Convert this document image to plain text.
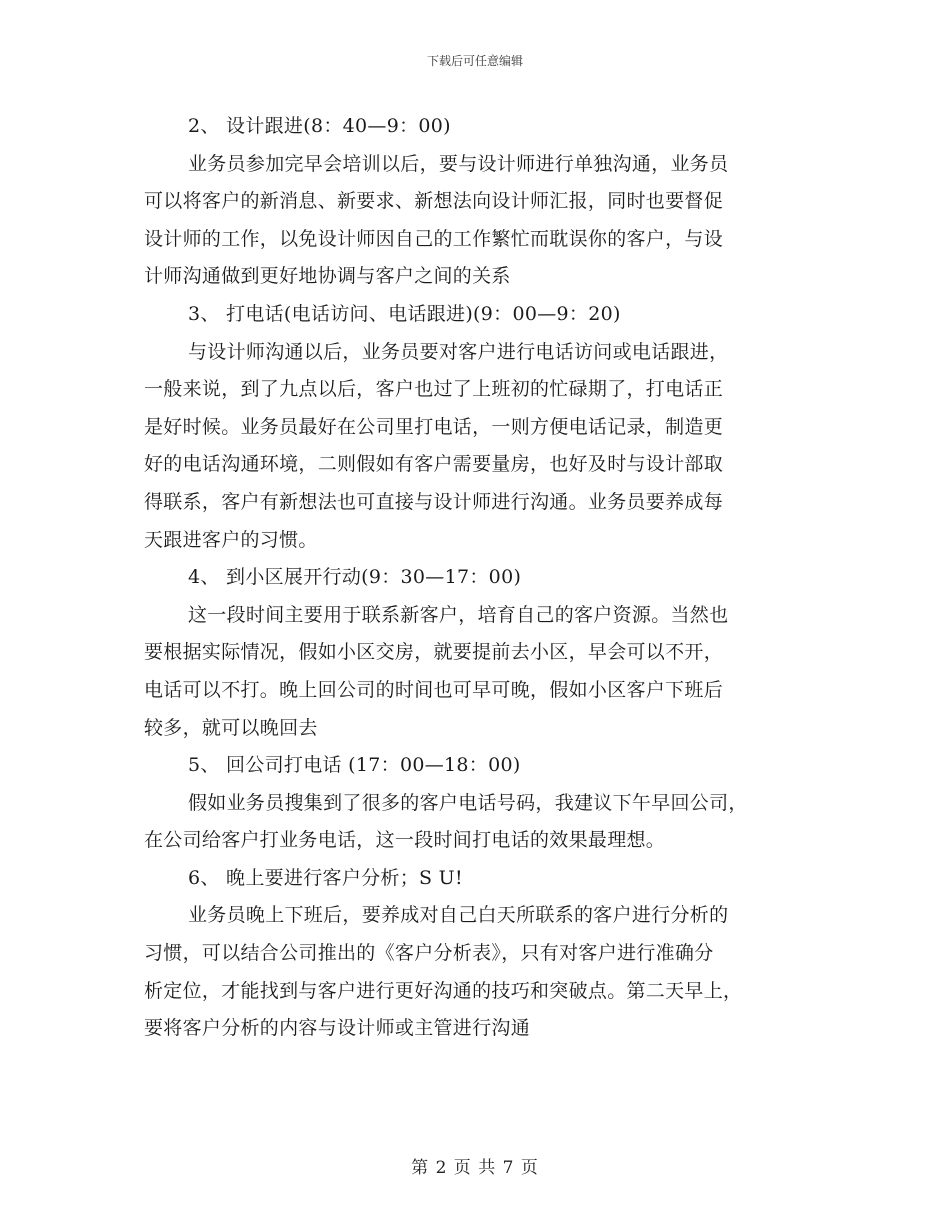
下载后可任意编辑
2、 设计跟进(8：40—9：00)
业务员参加完早会培训以后，要与设计师进行单独沟通，业务员
可以将客户的新消息、新要求、新想法向设计师汇报，同时也要督促
设计师的工作，以免设计师因自己的工作繁忙而耽误你的客户，与设
计师沟通做到更好地协调与客户之间的关系
3、 打电话(电话访问、电话跟进)(9：00—9：20)
与设计师沟通以后，业务员要对客户进行电话访问或电话跟进，
一般来说，到了九点以后，客户也过了上班初的忙碌期了，打电话正
是好时候。业务员最好在公司里打电话，一则方便电话记录，制造更
好的电话沟通环境，二则假如有客户需要量房，也好及时与设计部取
得联系，客户有新想法也可直接与设计师进行沟通。业务员要养成每
天跟进客户的习惯。
4、 到小区展开行动(9：30—17：00)
这一段时间主要用于联系新客户，培育自己的客户资源。当然也
要根据实际情况，假如小区交房，就要提前去小区，早会可以不开，
电话可以不打。晚上回公司的时间也可早可晚，假如小区客户下班后
较多，就可以晚回去
5、 回公司打电话 (17：00—18：00)
假如业务员搜集到了很多的客户电话号码，我建议下午早回公司，
在公司给客户打业务电话，这一段时间打电话的效果最理想。
6、 晚上要进行客户分析；S U!
业务员晚上下班后，要养成对自己白天所联系的客户进行分析的
习惯，可以结合公司推出的《客户分析表》，只有对客户进行准确分
析定位，才能找到与客户进行更好沟通的技巧和突破点。第二天早上，
要将客户分析的内容与设计师或主管进行沟通
第 2 页 共 7 页
